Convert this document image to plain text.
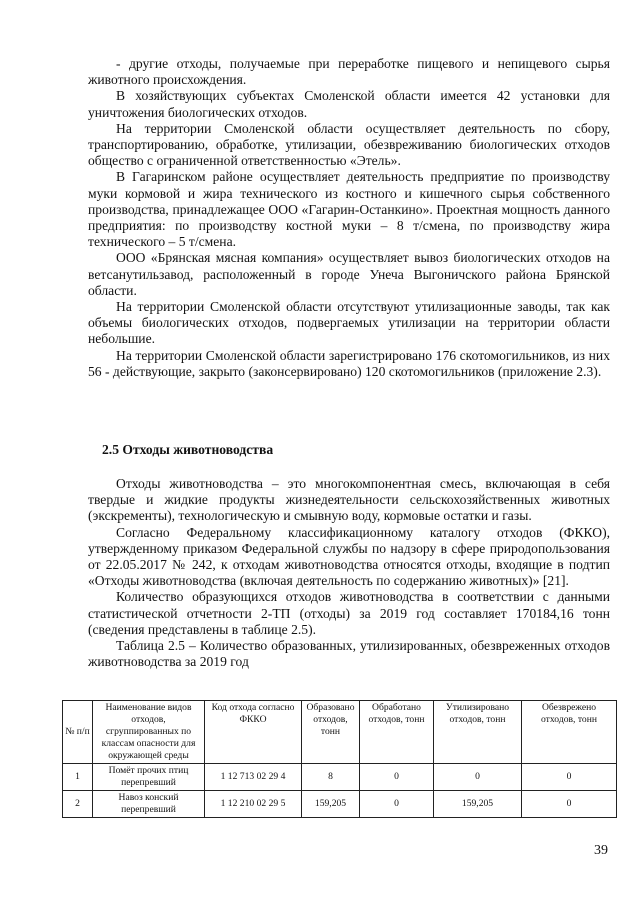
- другие отходы, получаемые при переработке пищевого и непищевого сырья животного происхождения.

В хозяйствующих субъектах Смоленской области имеется 42 установки для уничтожения биологических отходов.

На территории Смоленской области осуществляет деятельность по сбору, транспортированию, обработке, утилизации, обезвреживанию биологических отходов общество с ограниченной ответственностью «Этель».

В Гагаринском районе осуществляет деятельность предприятие по производству муки кормовой и жира технического из костного и кишечного сырья собственного производства, принадлежащее ООО «Гагарин-Останкино». Проектная мощность данного предприятия: по производству костной муки – 8 т/смена, по производству жира технического – 5 т/смена.

ООО «Брянская мясная компания» осуществляет вывоз биологических отходов на ветсанутильзавод, расположенный в городе Унеча Выгоничского района Брянской области.

На территории Смоленской области отсутствуют утилизационные заводы, так как объемы биологических отходов, подвергаемых утилизации на территории области небольшие.

На территории Смоленской области зарегистрировано 176 скотомогильников, из них 56 - действующие, закрыто (законсервировано) 120 скотомогильников (приложение 2.3).

2.5 Отходы животноводства

Отходы животноводства – это многокомпонентная смесь, включающая в себя твердые и жидкие продукты жизнедеятельности сельскохозяйственных животных (экскременты), технологическую и смывную воду, кормовые остатки и газы.

Согласно Федеральному классификационному каталогу отходов (ФККО), утвержденному приказом Федеральной службы по надзору в сфере природопользования от 22.05.2017 № 242, к отходам животноводства относятся отходы, входящие в подтип «Отходы животноводства (включая деятельность по содержанию животных)» [21].

Количество образующихся отходов животноводства в соответствии с данными статистической отчетности 2-ТП (отходы) за 2019 год составляет 170184,16 тонн (сведения представлены в таблице 2.5).

Таблица 2.5 – Количество образованных, утилизированных, обезвреженных отходов животноводства за 2019 год

№ п/п	Наименование видов отходов, сгруппированных по классам опасности для окружающей среды	Код отхода согласно ФККО	Образовано отходов, тонн	Обработано отходов, тонн	Утилизировано отходов, тонн	Обезврежено отходов, тонн
1	Помёт прочих птиц перепревший	1 12 713 02 29 4	8	0	0	0
2	Навоз конский перепревший	1 12 210 02 29 5	159,205	0	159,205	0
39
